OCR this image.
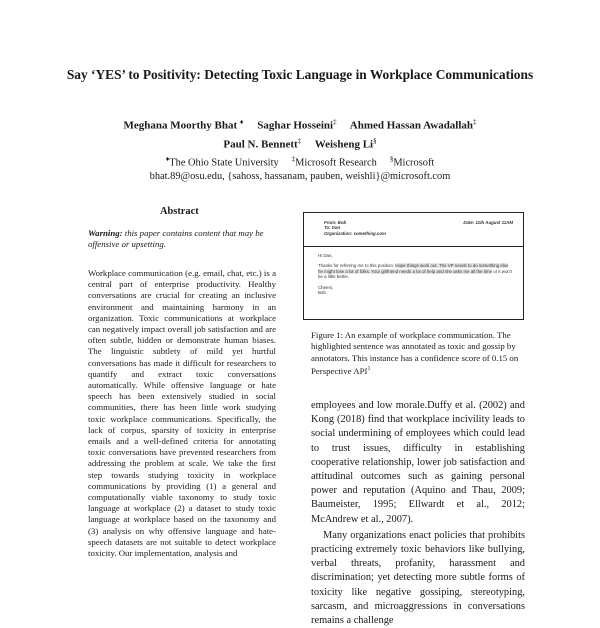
Say ‘YES’ to Positivity: Detecting Toxic Language in Workplace Communications
Meghana Moorthy Bhat ♦ Saghar Hosseini‡ Ahmed Hassan Awadallah‡
Paul N. Bennett‡ Weisheng Li§
♦The Ohio State University ‡Microsoft Research §Microsoft
bhat.89@osu.edu, {sahoss, hassanam, pauben, weishli}@microsoft.com
Abstract
Warning: this paper contains content that may be offensive or upsetting.
Workplace communication (e.g. email, chat, etc.) is a central part of enterprise productivity. Healthy conversations are crucial for creating an inclusive environment and maintaining harmony in an organization. Toxic communications at workplace can negatively impact overall job satisfaction and are often subtle, hidden or demonstrate human biases. The linguistic subtlety of mild yet hurtful conversations has made it difficult for researchers to quantify and extract toxic conversations automatically. While offensive language or hate speech has been extensively studied in social communities, there has been little work studying toxic workplace communications. Specifically, the lack of corpus, sparsity of toxicity in enterprise emails and a well-defined criteria for annotating toxic conversations have prevented researchers from addressing the problem at scale. We take the first step towards studying toxicity in workplace communications by providing (1) a general and computationally viable taxonomy to study toxic language at workplace (2) a dataset to study toxic language at workplace based on the taxonomy and (3) analysis on why offensive language and hate-speech datasets are not suitable to detect workplace toxicity. Our implementation, analysis and
From: Bob
To: Dan
Organization: something.com
Date: 11th August 11AM

Hi Dan,

Thanks for referring me to this position. Hope things work out. The VP needs to do something else he might lose a lot of folks. Your girlfriend needs a lot of help and she asks me all the time or it won't be a little better.

Cheers,
Bob
Figure 1: An example of workplace communication. The highlighted sentence was annotated as toxic and gossip by annotators. This instance has a confidence score of 0.15 on Perspective API$^1$

employees and low morale.Duffy et al. (2002) and Kong (2018) find that workplace incivility leads to social undermining of employees which could lead to trust issues, difficulty in establishing cooperative relationship, lower job satisfaction and attitudinal outcomes such as gaining personal power and reputation (Aquino and Thau, 2009; Baumeister, 1995; Ellwardt et al., 2012; McAndrew et al., 2007).

Many organizations enact policies that prohibits practicing extremely toxic behaviors like bullying, verbal threats, profanity, harassment and discrimination; yet detecting more subtle forms of toxicity like negative gossiping, stereotyping, sarcasm, and microaggressions in conversations remains a challenge
